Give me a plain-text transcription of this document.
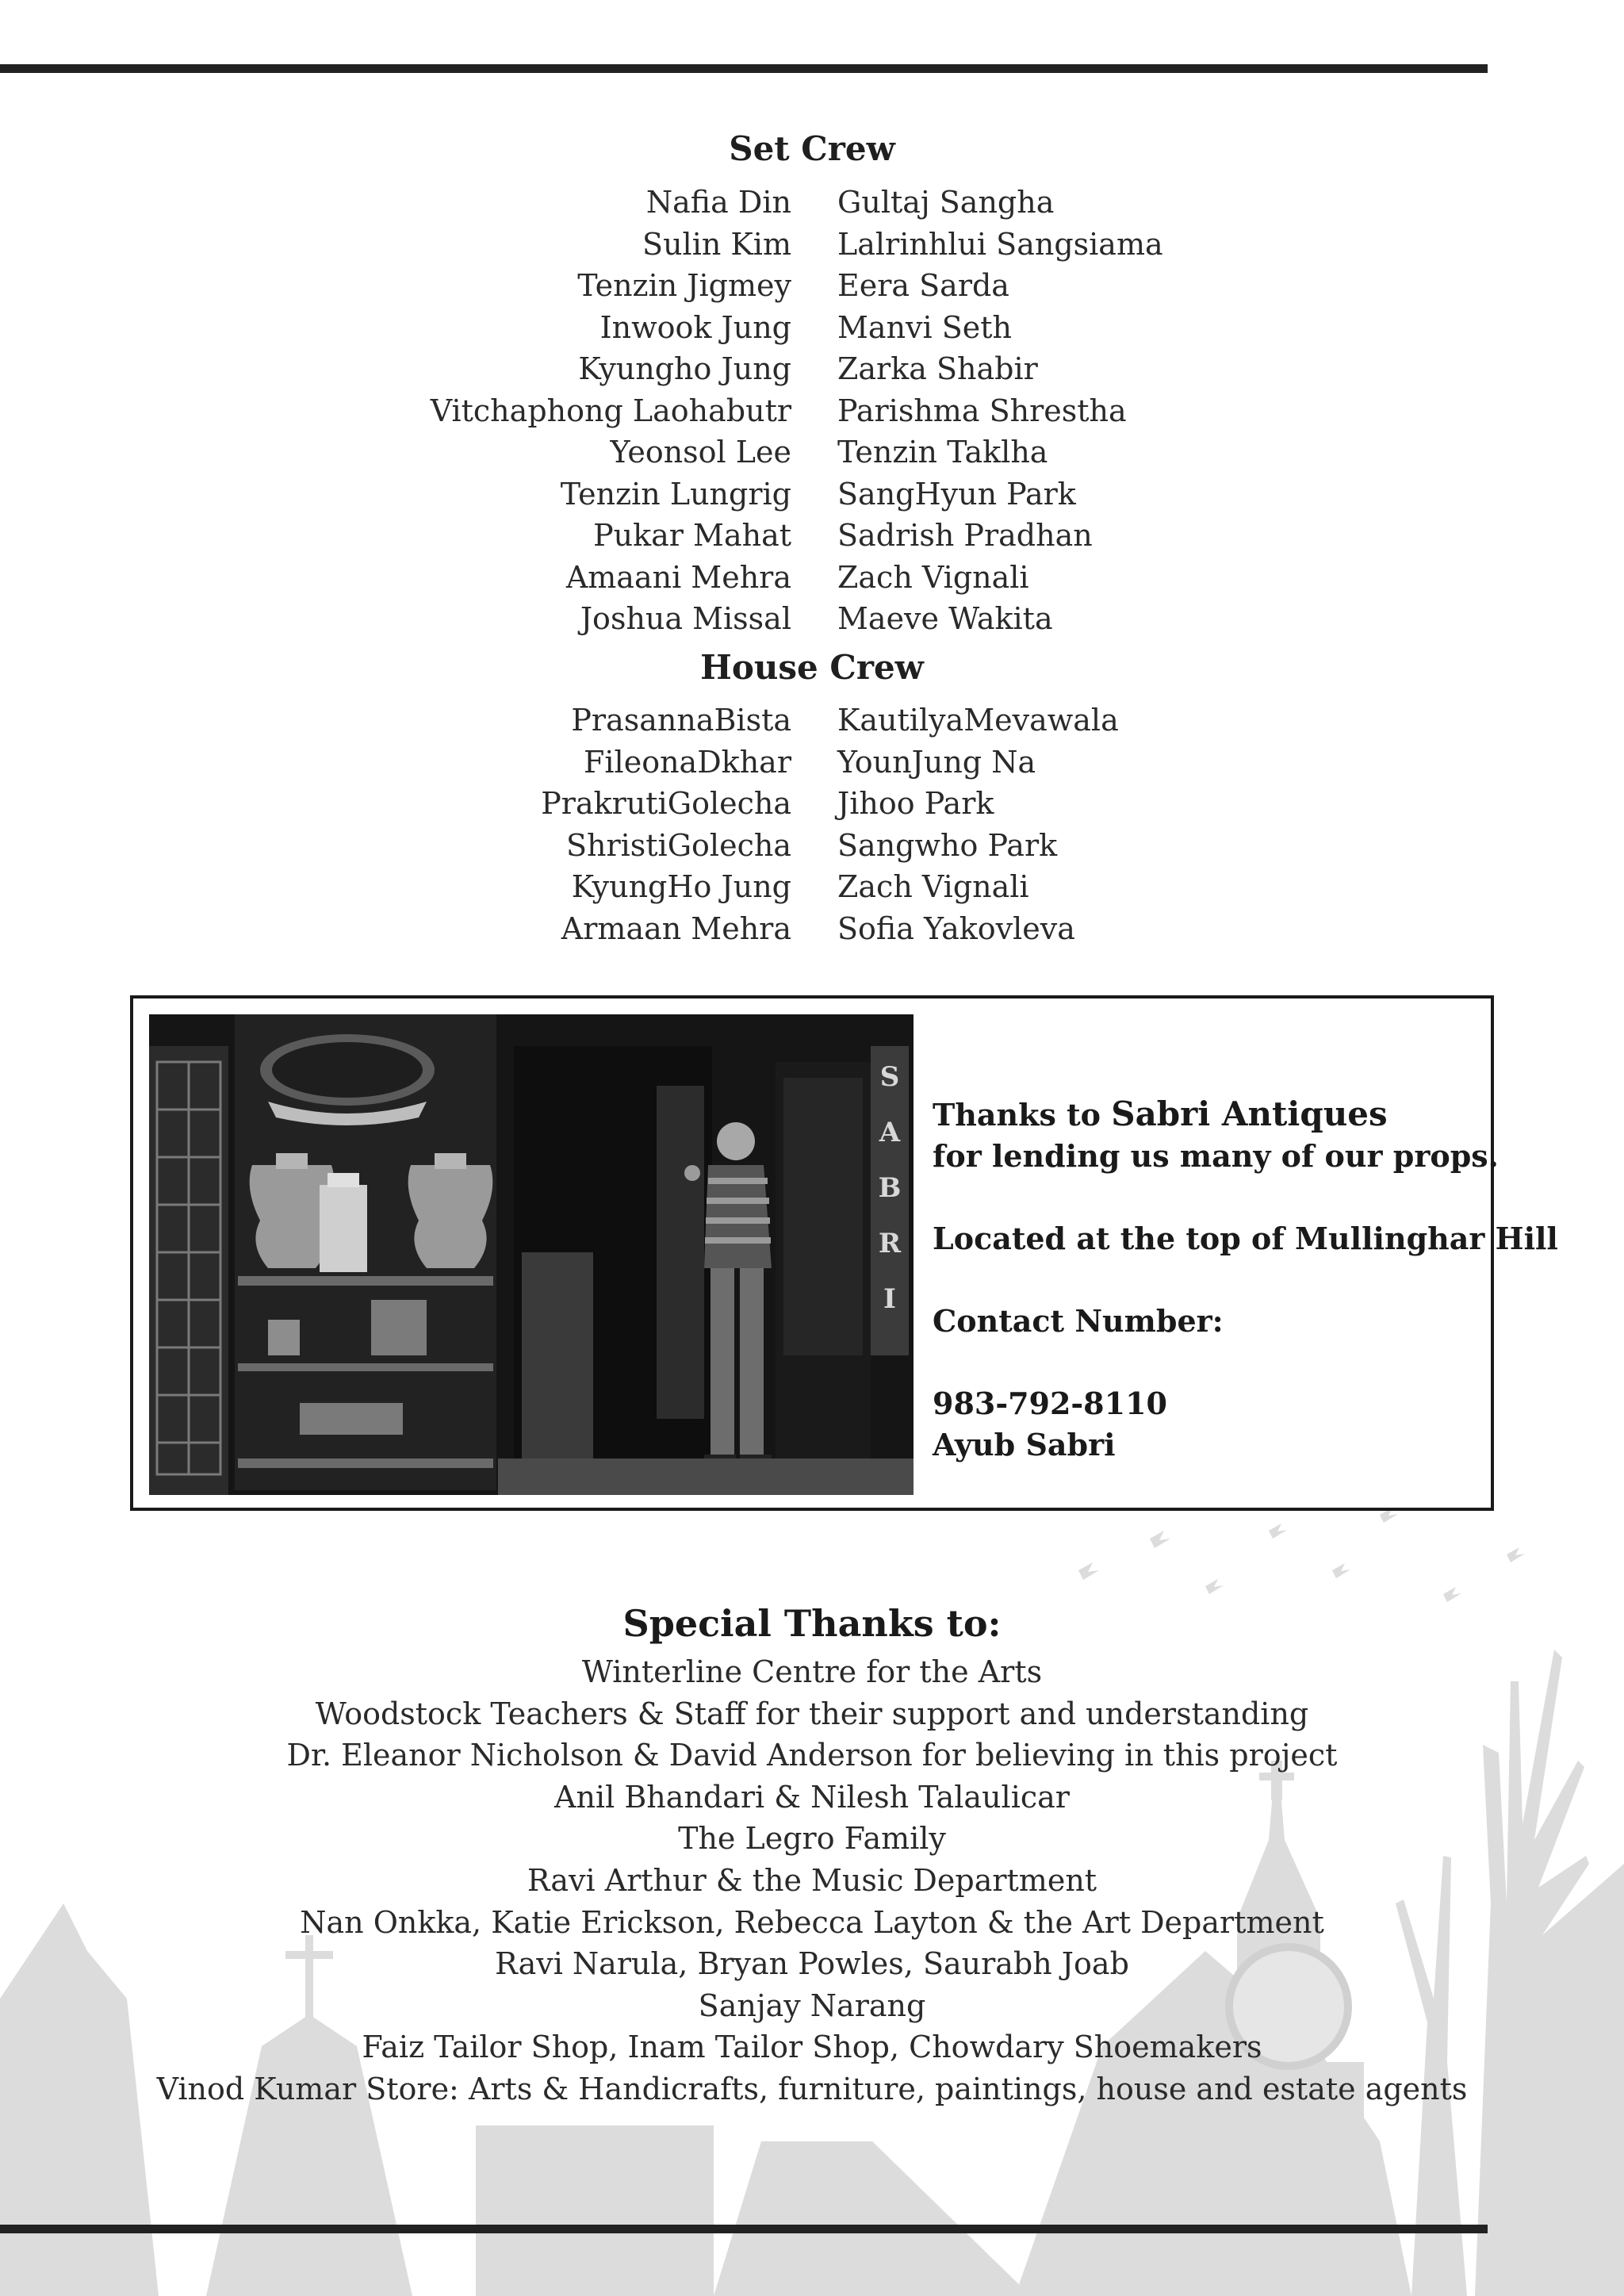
Set Crew
Nafia Din Gultaj Sangha
Sulin Kim Lalrinhlui Sangsiama
Tenzin Jigmey Eera Sarda
Inwook Jung Manvi Seth
Kyungho Jung Zarka Shabir
Vitchaphong Laohabutr Parishma Shrestha
Yeonsol Lee Tenzin Taklha
Tenzin Lungrig SangHyun Park
Pukar Mahat Sadrish Pradhan
Amaani Mehra Zach Vignali
Joshua Missal Maeve Wakita
House Crew
PrasannaBista KautilyaMevawala
FileonaDkhar YounJung Na
PrakrutiGolecha Jihoo Park
ShristiGolecha Sangwho Park
KyungHo Jung Zach Vignali
Armaan Mehra Sofia Yakovleva
S
A
B
R
I
Thanks to Sabri Antiques
for lending us many of our props.
Located at the top of Mullinghar Hill
Contact Number:
983-792-8110
Ayub Sabri
Special Thanks to:
Winterline Centre for the Arts
Woodstock Teachers & Staff for their support and understanding
Dr. Eleanor Nicholson & David Anderson for believing in this project
Anil Bhandari & Nilesh Talaulicar
The Legro Family
Ravi Arthur & the Music Department
Nan Onkka, Katie Erickson, Rebecca Layton & the Art Department
Ravi Narula, Bryan Powles, Saurabh Joab
Sanjay Narang
Faiz Tailor Shop, Inam Tailor Shop, Chowdary Shoemakers
Vinod Kumar Store: Arts & Handicrafts, furniture, paintings, house and estate agents
